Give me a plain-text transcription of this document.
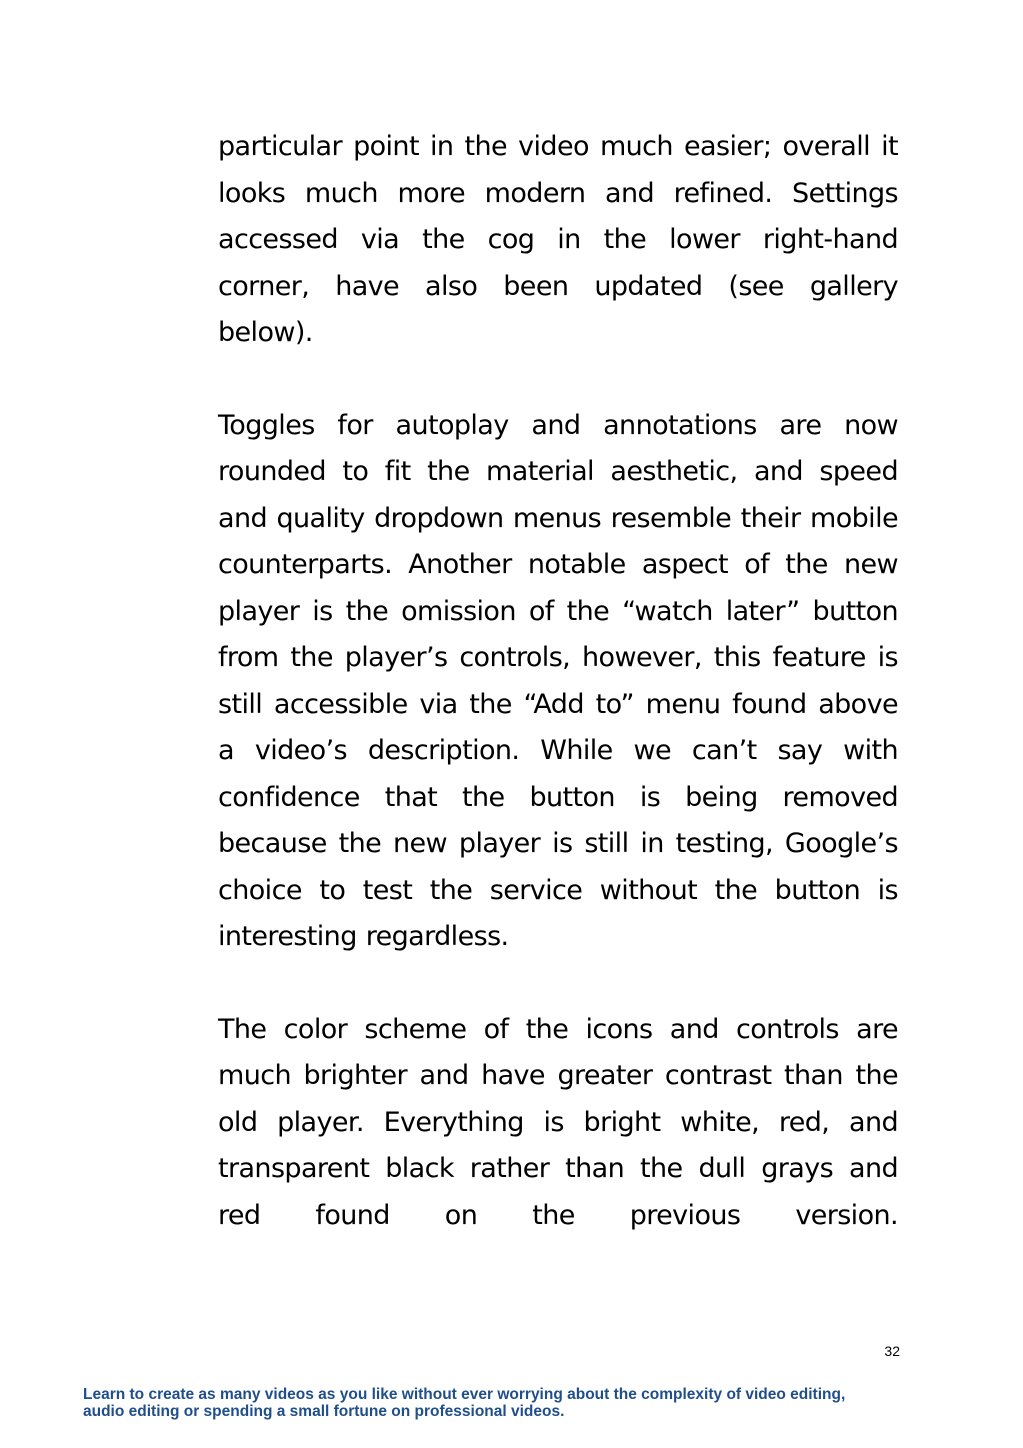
particular point in the video much easier; overall it looks much more modern and refined. Settings accessed via the cog in the lower right-hand corner, have also been updated (see gallery below).

Toggles for autoplay and annotations are now rounded to fit the material aesthetic, and speed and quality dropdown menus resemble their mobile counterparts. Another notable aspect of the new player is the omission of the “watch later” button from the player’s controls, however, this feature is still accessible via the “Add to” menu found above a video’s description. While we can’t say with confidence that the button is being removed because the new player is still in testing, Google’s choice to test the service without the button is interesting regardless.

The color scheme of the icons and controls are much brighter and have greater contrast than the old player. Everything is bright white, red, and transparent black rather than the dull grays and red found on the previous version.

32
Learn to create as many videos as you like without ever worrying about the complexity of video editing,
audio editing or spending a small fortune on professional videos.
